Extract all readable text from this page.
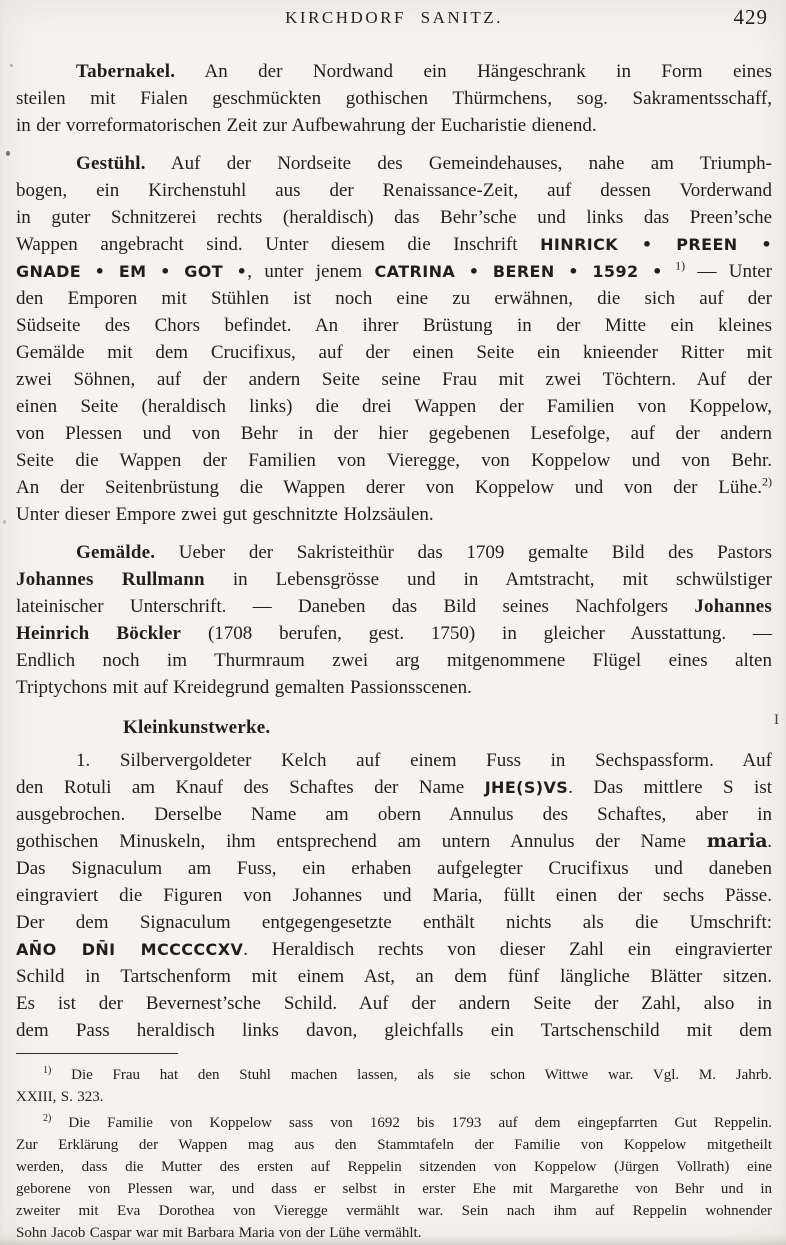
KIRCHDORF SANITZ.	429
Tabernakel. An der Nordwand ein Hängeschrank in Form eines
steilen mit Fialen geschmückten gothischen Thürmchens, sog. Sakramentsschaff,
in der vorreformatorischen Zeit zur Aufbewahrung der Eucharistie dienend.
Gestühl. Auf der Nordseite des Gemeindehauses, nahe am Triumph-
bogen, ein Kirchenstuhl aus der Renaissance-Zeit, auf dessen Vorderwand
in guter Schnitzerei rechts (heraldisch) das Behr’sche und links das Preen’sche
Wappen angebracht sind. Unter diesem die Inschrift HINRICK • PREEN •
GNADE • EM • GOT •, unter jenem CATRINA • BEREN • 1592 • $^{1)}$ — Unter
den Emporen mit Stühlen ist noch eine zu erwähnen, die sich auf der
Südseite des Chors befindet. An ihrer Brüstung in der Mitte ein kleines
Gemälde mit dem Crucifixus, auf der einen Seite ein knieender Ritter mit
zwei Söhnen, auf der andern Seite seine Frau mit zwei Töchtern. Auf der
einen Seite (heraldisch links) die drei Wappen der Familien von Koppelow,
von Plessen und von Behr in der hier gegebenen Lesefolge, auf der andern
Seite die Wappen der Familien von Vieregge, von Koppelow und von Behr.
An der Seitenbrüstung die Wappen derer von Koppelow und von der Lühe.$^{2)}$
Unter dieser Empore zwei gut geschnitzte Holzsäulen.
Gemälde. Ueber der Sakristeithür das 1709 gemalte Bild des Pastors
Johannes Rullmann in Lebensgrösse und in Amtstracht, mit schwülstiger
lateinischer Unterschrift. — Daneben das Bild seines Nachfolgers Johannes
Heinrich Böckler (1708 berufen, gest. 1750) in gleicher Ausstattung. —
Endlich noch im Thurmraum zwei arg mitgenommene Flügel eines alten
Triptychons mit auf Kreidegrund gemalten Passionsscenen.
Kleinkunstwerke.
1. Silbervergoldeter Kelch auf einem Fuss in Sechspassform. Auf
den Rotuli am Knauf des Schaftes der Name JHE(S)VS. Das mittlere S ist
ausgebrochen. Derselbe Name am obern Annulus des Schaftes, aber in
gothischen Minuskeln, ihm entsprechend am untern Annulus der Name maria.
Das Signaculum am Fuss, ein erhaben aufgelegter Crucifixus und daneben
eingraviert die Figuren von Johannes und Maria, füllt einen der sechs Pässe.
Der dem Signaculum entgegengesetzte enthält nichts als die Umschrift:
AN̄O DN̄I MCCCCCXV. Heraldisch rechts von dieser Zahl ein eingravierter
Schild in Tartschenform mit einem Ast, an dem fünf längliche Blätter sitzen.
Es ist der Bevernest’sche Schild. Auf der andern Seite der Zahl, also in
dem Pass heraldisch links davon, gleichfalls ein Tartschenschild mit dem
$^{1)}$ Die Frau hat den Stuhl machen lassen, als sie schon Wittwe war. Vgl. M. Jahrb.
XXIII, S. 323.
$^{2)}$ Die Familie von Koppelow sass von 1692 bis 1793 auf dem eingepfarrten Gut Reppelin.
Zur Erklärung der Wappen mag aus den Stammtafeln der Familie von Koppelow mitgetheilt
werden, dass die Mutter des ersten auf Reppelin sitzenden von Koppelow (Jürgen Vollrath) eine
geborene von Plessen war, und dass er selbst in erster Ehe mit Margarethe von Behr und in
zweiter mit Eva Dorothea von Vieregge vermählt war. Sein nach ihm auf Reppelin wohnender
Sohn Jacob Caspar war mit Barbara Maria von der Lühe vermählt.
I
